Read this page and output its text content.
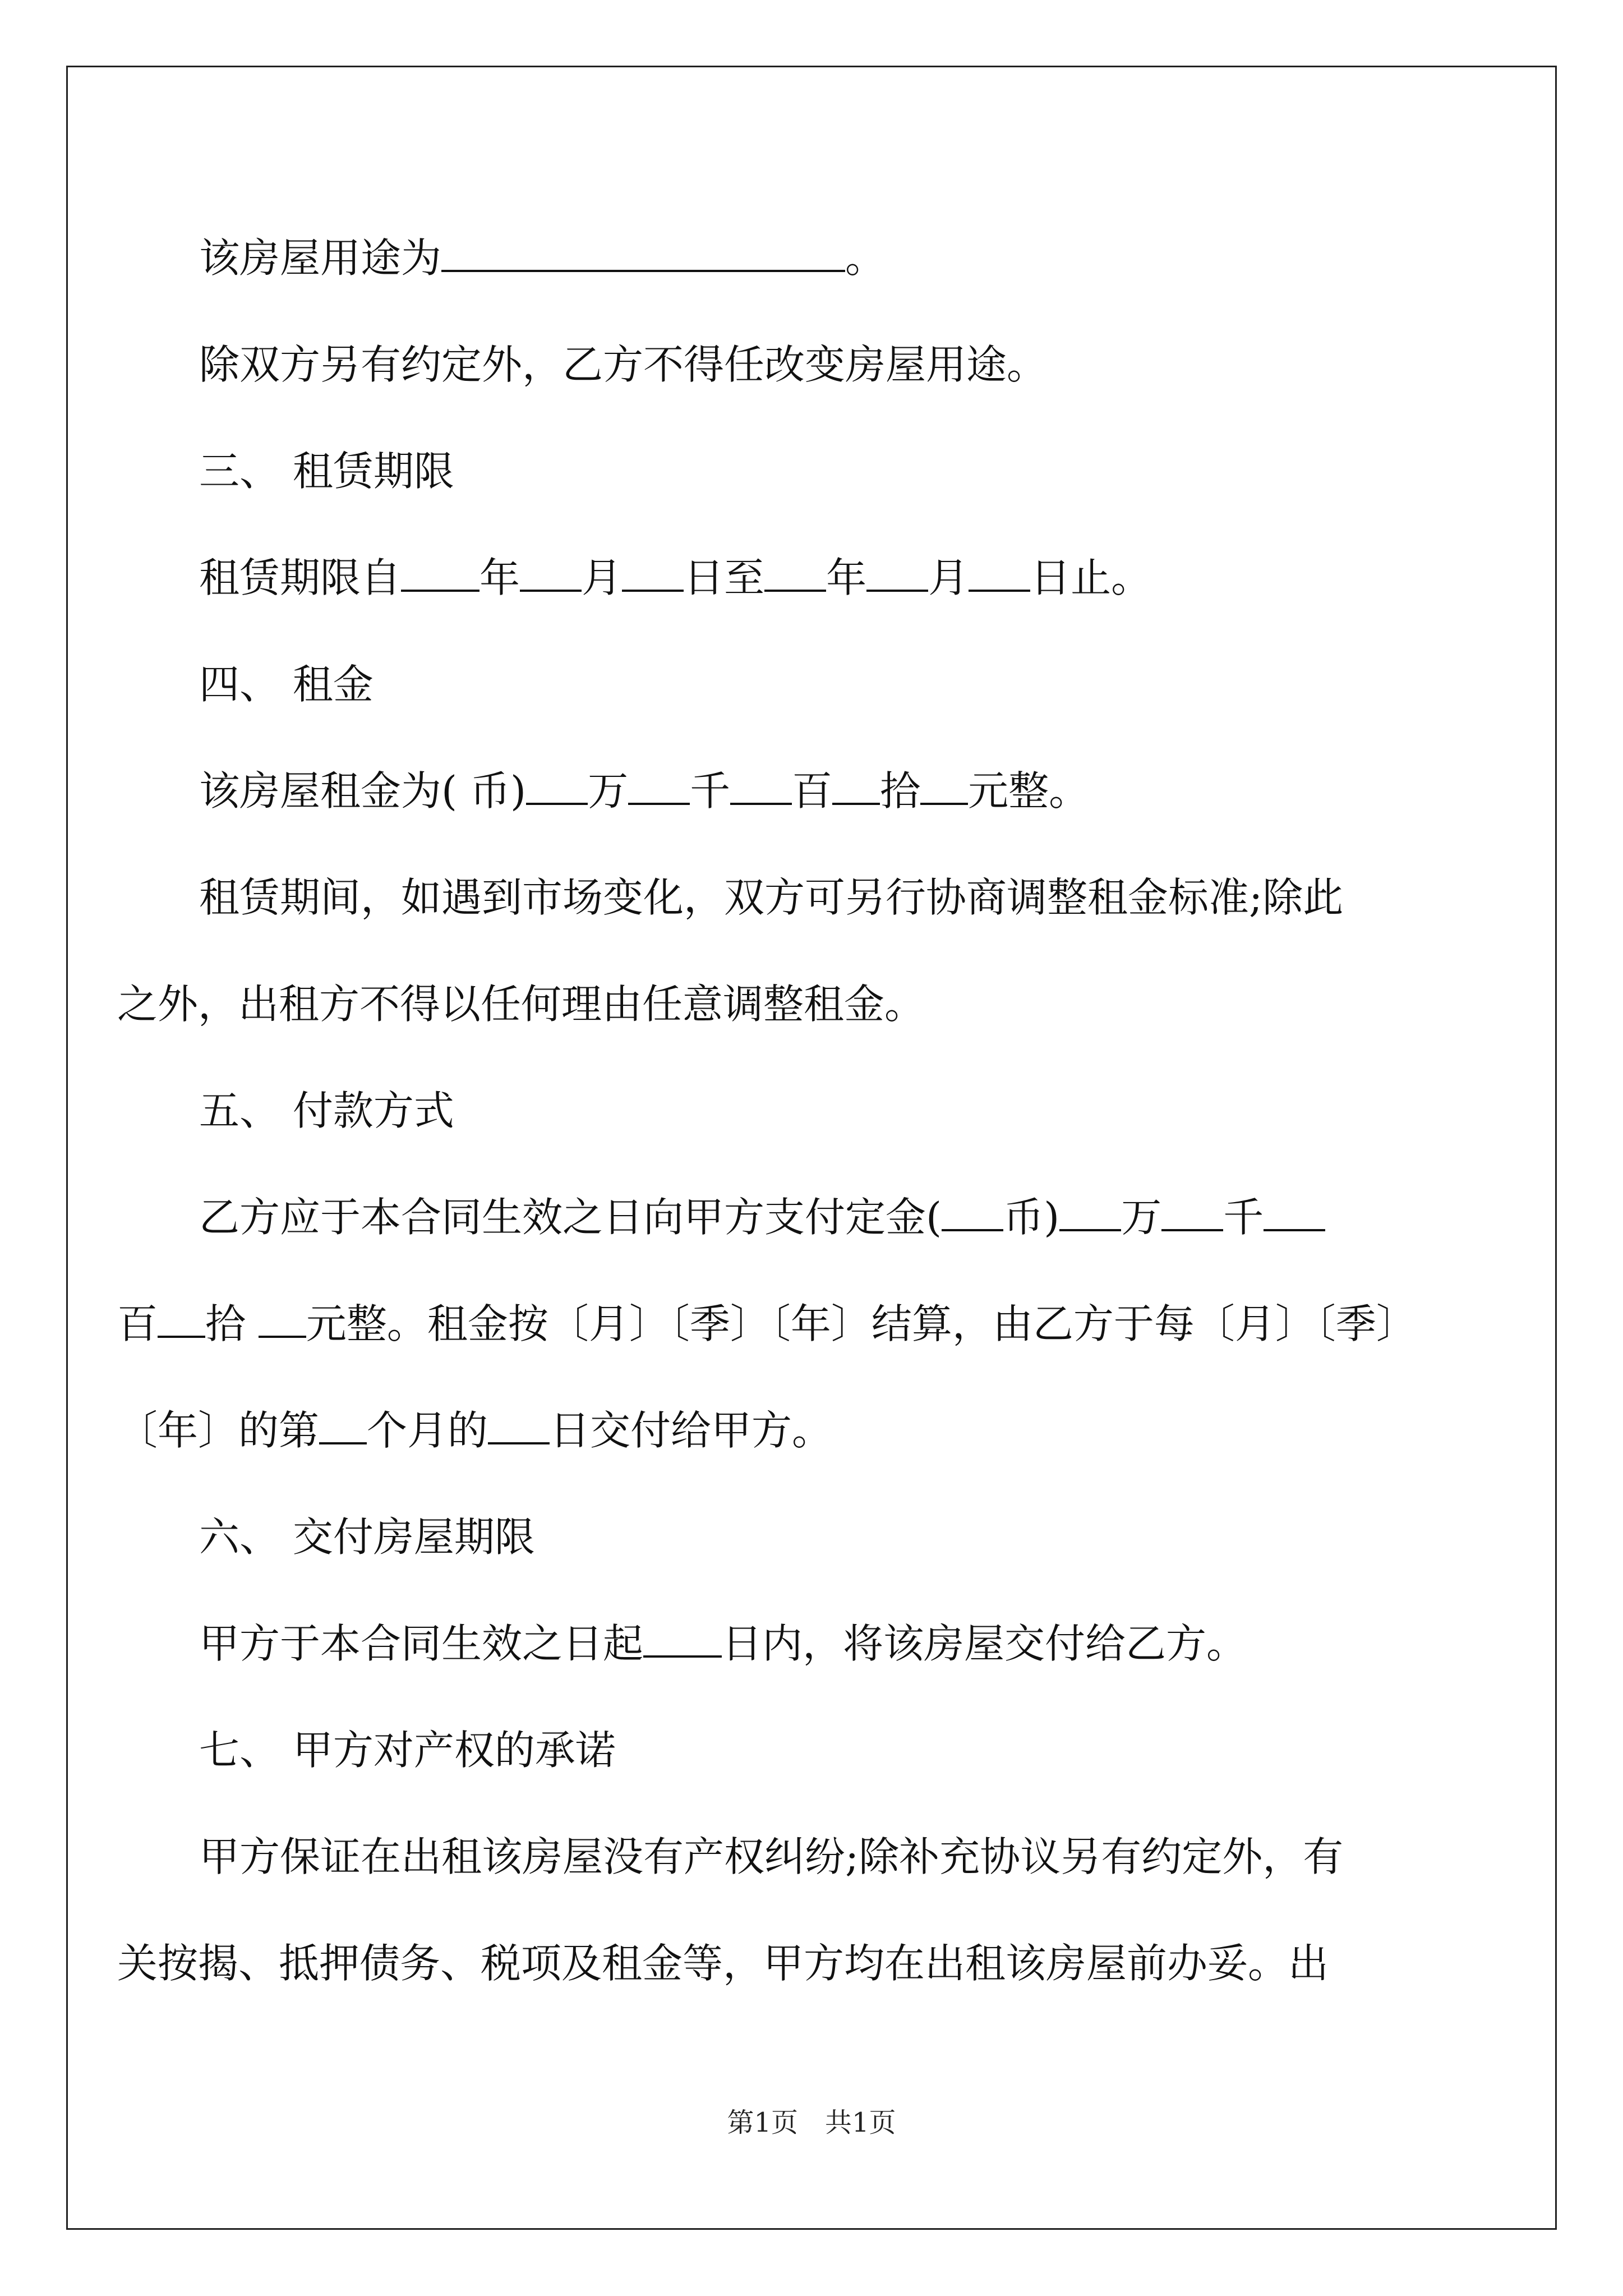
该房屋用途为	。

除双方另有约定外，乙方不得任改变房屋用途。

三、 租赁期限

租赁期限自 年 月 日至 年 月 日止。

四、 租金

该房屋租金为( 币) 万 千 百 拾 元整。

租赁期间，如遇到市场变化，双方可另行协商调整租金标准;除此

之外，出租方不得以任何理由任意调整租金。

五、 付款方式

乙方应于本合同生效之日向甲方支付定金( 币) 万 千

百 拾 元整。租金按〔月〕〔季〕〔年〕结算，由乙方于每〔月〕〔季〕

〔年〕的第 个月的 日交付给甲方。

六、 交付房屋期限

甲方于本合同生效之日起 日内，将该房屋交付给乙方。

七、 甲方对产权的承诺

甲方保证在出租该房屋没有产权纠纷;除补充协议另有约定外，有

关按揭、抵押债务、税项及租金等，甲方均在出租该房屋前办妥。出

第1页　共1页
